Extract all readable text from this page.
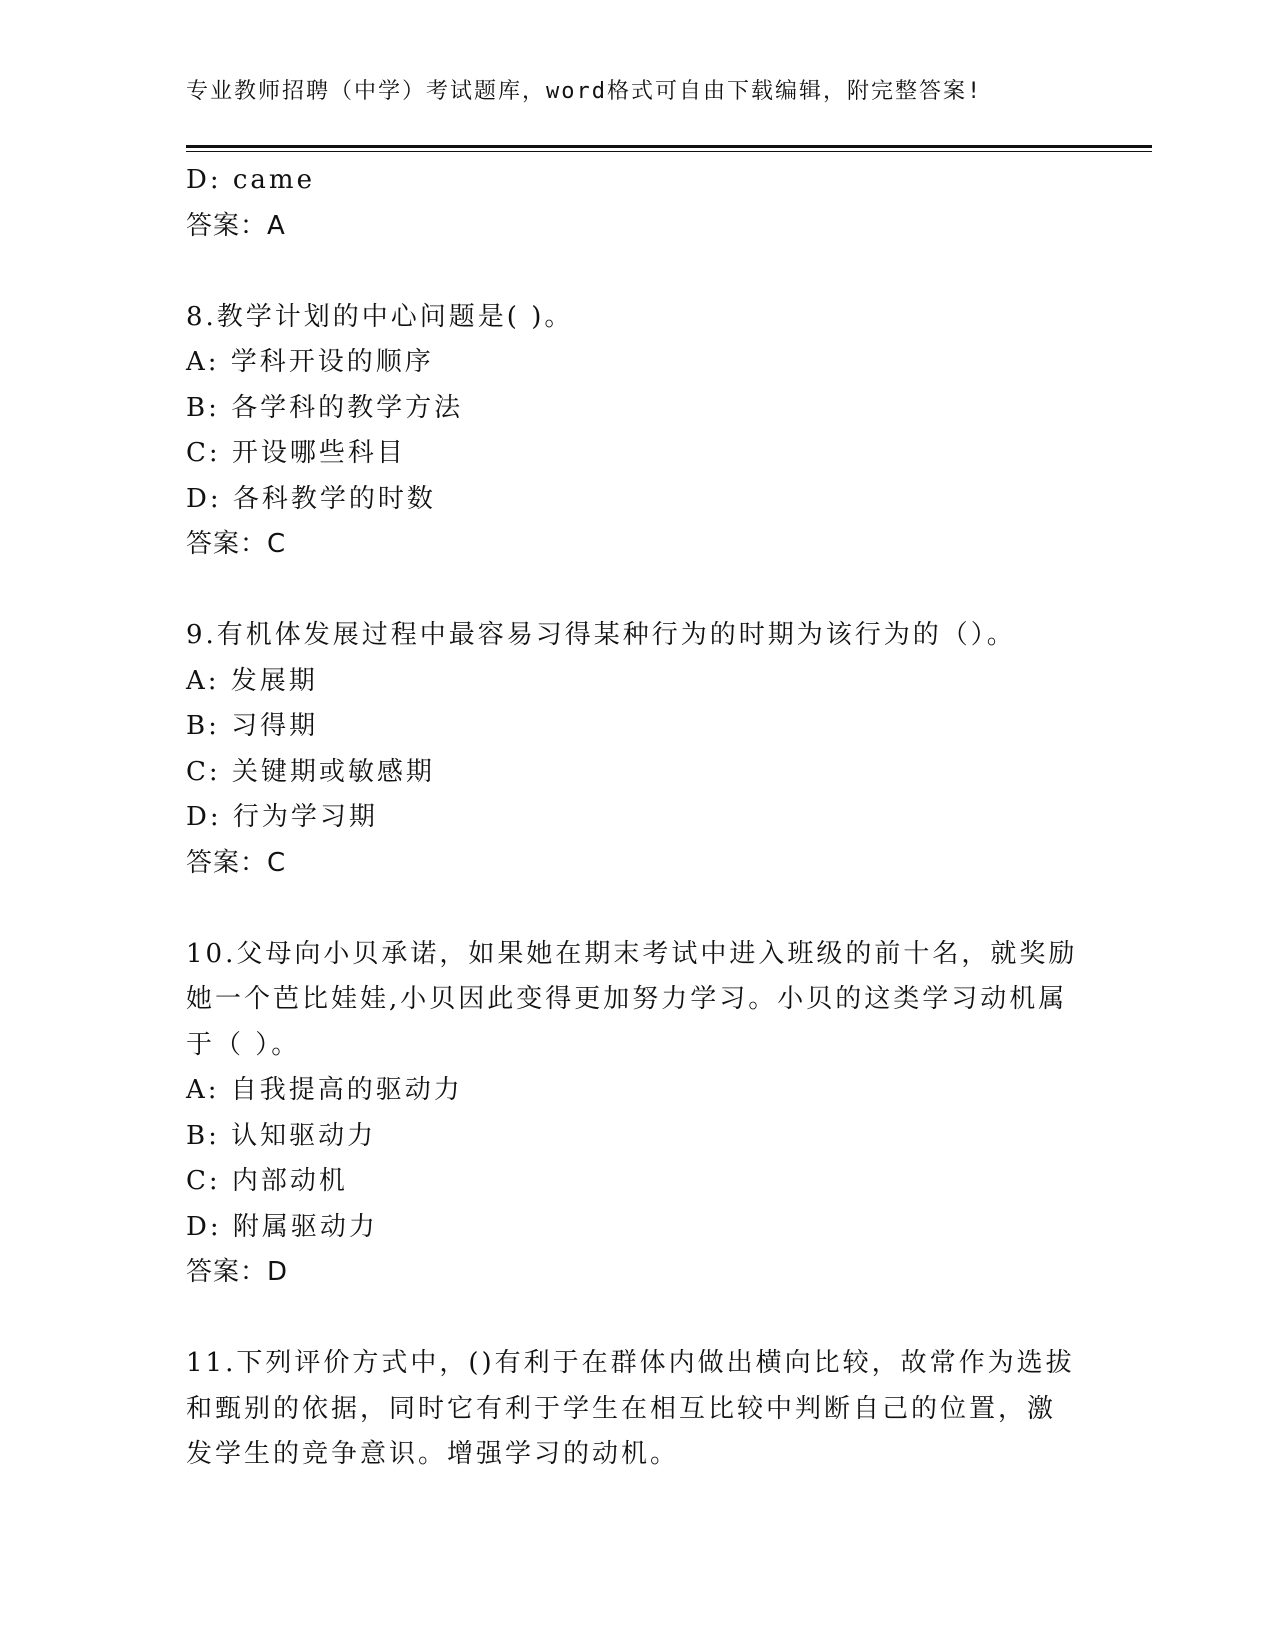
专业教师招聘（中学）考试题库，word格式可自由下载编辑，附完整答案!
D: came
答案：A
8.教学计划的中心问题是( )。
A: 学科开设的顺序
B: 各学科的教学方法
C: 开设哪些科目
D: 各科教学的时数
答案：C
9.有机体发展过程中最容易习得某种行为的时期为该行为的（）。
A: 发展期
B: 习得期
C: 关键期或敏感期
D: 行为学习期
答案：C
10.父母向小贝承诺，如果她在期末考试中进入班级的前十名，就奖励
她一个芭比娃娃,小贝因此变得更加努力学习。小贝的这类学习动机属
于（ ）。
A: 自我提高的驱动力
B: 认知驱动力
C: 内部动机
D: 附属驱动力
答案：D
11.下列评价方式中，()有利于在群体内做出横向比较，故常作为选拔
和甄别的依据，同时它有利于学生在相互比较中判断自己的位置，激
发学生的竞争意识。增强学习的动机。
